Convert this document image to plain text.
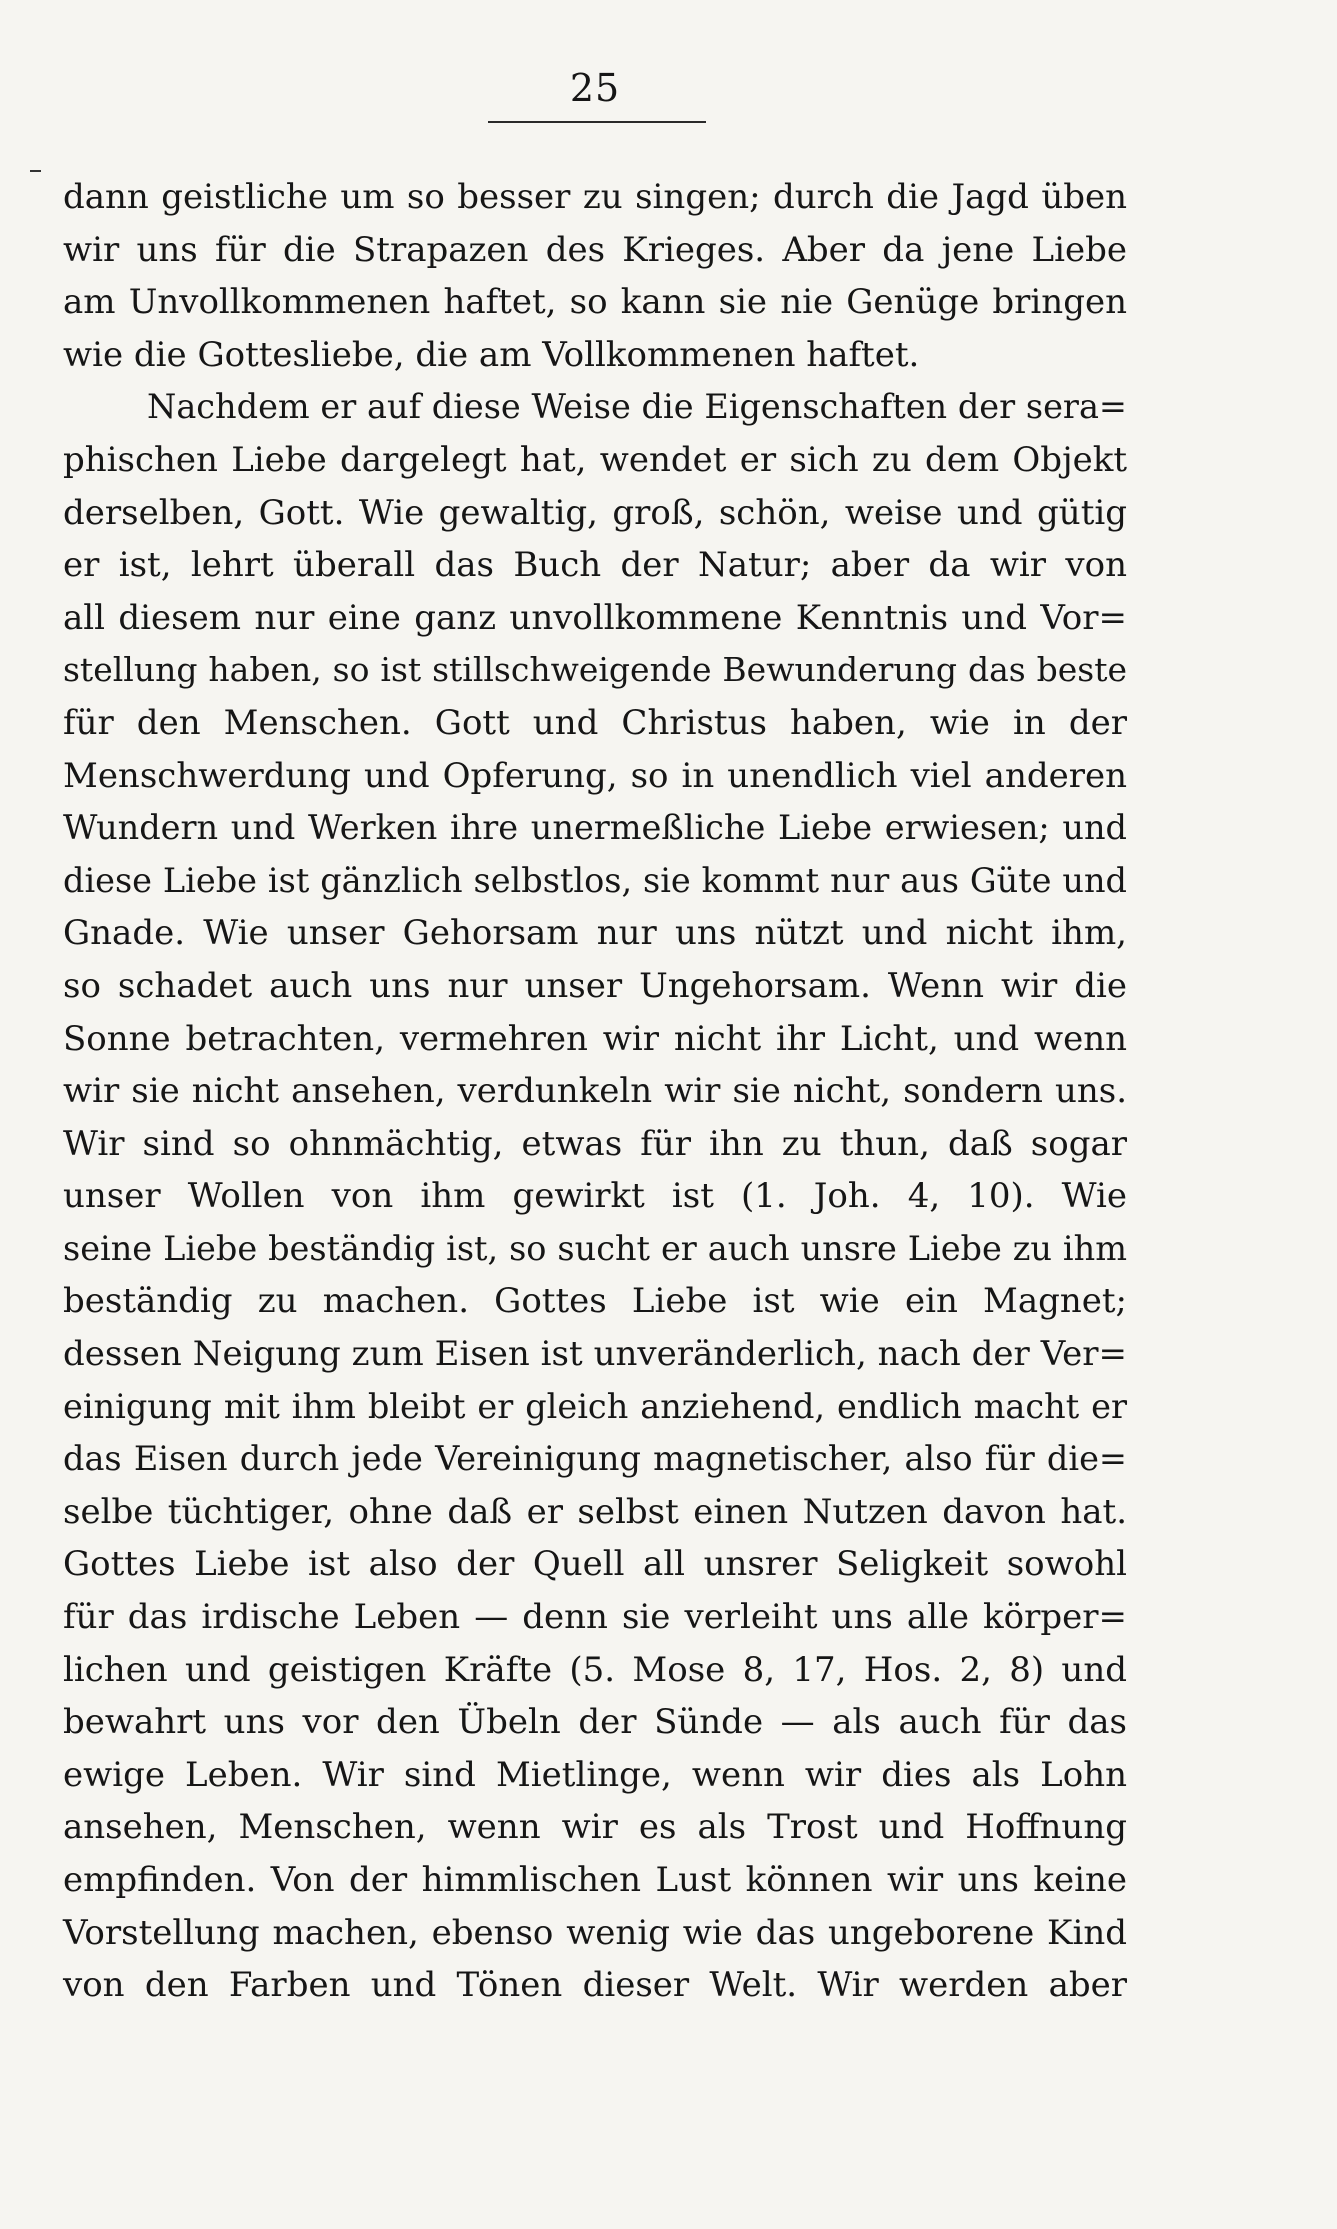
25
dann geistliche um so besser zu singen; durch die Jagd üben
wir uns für die Strapazen des Krieges. Aber da jene Liebe
am Unvollkommenen haftet, so kann sie nie Genüge bringen
wie die Gottesliebe, die am Vollkommenen haftet.
Nachdem er auf diese Weise die Eigenschaften der sera=
phischen Liebe dargelegt hat, wendet er sich zu dem Objekt
derselben, Gott. Wie gewaltig, groß, schön, weise und gütig
er ist, lehrt überall das Buch der Natur; aber da wir von
all diesem nur eine ganz unvollkommene Kenntnis und Vor=
stellung haben, so ist stillschweigende Bewunderung das beste
für den Menschen. Gott und Christus haben, wie in der
Menschwerdung und Opferung, so in unendlich viel anderen
Wundern und Werken ihre unermeßliche Liebe erwiesen; und
diese Liebe ist gänzlich selbstlos, sie kommt nur aus Güte und
Gnade. Wie unser Gehorsam nur uns nützt und nicht ihm,
so schadet auch uns nur unser Ungehorsam. Wenn wir die
Sonne betrachten, vermehren wir nicht ihr Licht, und wenn
wir sie nicht ansehen, verdunkeln wir sie nicht, sondern uns.
Wir sind so ohnmächtig, etwas für ihn zu thun, daß sogar
unser Wollen von ihm gewirkt ist (1. Joh. 4, 10). Wie
seine Liebe beständig ist, so sucht er auch unsre Liebe zu ihm
beständig zu machen. Gottes Liebe ist wie ein Magnet;
dessen Neigung zum Eisen ist unveränderlich, nach der Ver=
einigung mit ihm bleibt er gleich anziehend, endlich macht er
das Eisen durch jede Vereinigung magnetischer, also für die=
selbe tüchtiger, ohne daß er selbst einen Nutzen davon hat.
Gottes Liebe ist also der Quell all unsrer Seligkeit sowohl
für das irdische Leben — denn sie verleiht uns alle körper=
lichen und geistigen Kräfte (5. Mose 8, 17, Hos. 2, 8) und
bewahrt uns vor den Übeln der Sünde — als auch für das
ewige Leben. Wir sind Mietlinge, wenn wir dies als Lohn
ansehen, Menschen, wenn wir es als Trost und Hoffnung
empfinden. Von der himmlischen Lust können wir uns keine
Vorstellung machen, ebenso wenig wie das ungeborene Kind
von den Farben und Tönen dieser Welt. Wir werden aber
